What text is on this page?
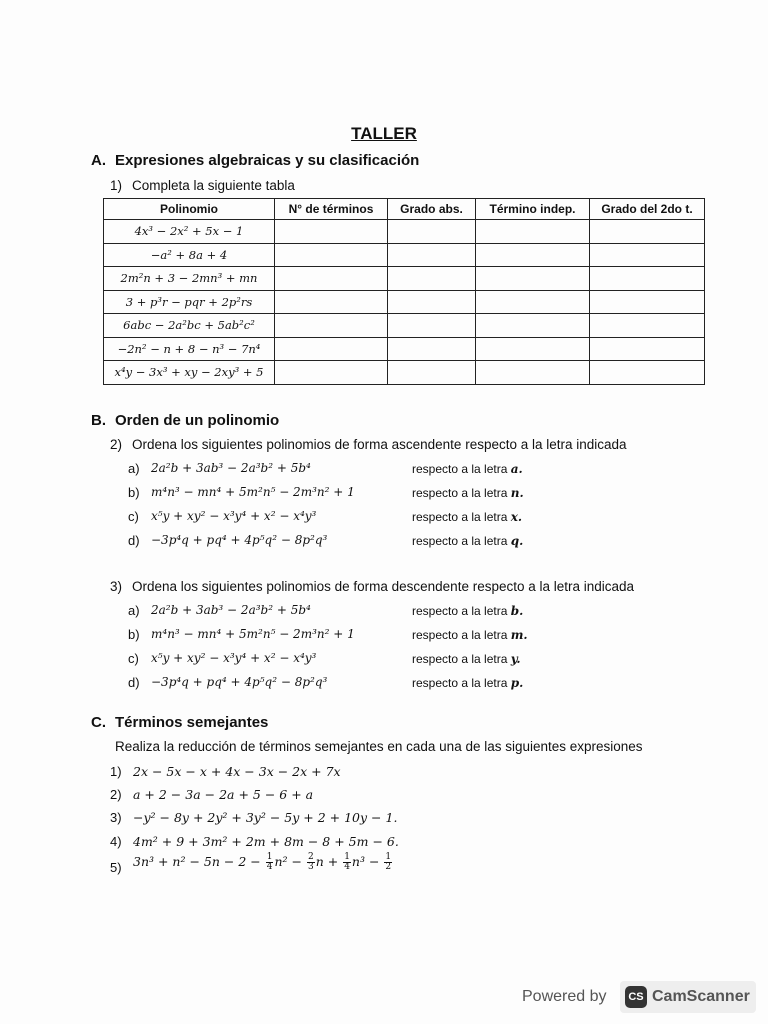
TALLER
A. Expresiones algebraicas y su clasificación
1) Completa la siguiente tabla
Polinomio	N° de términos	Grado abs.	Término indep.	Grado del 2do t.
4x³ − 2x² + 5x − 1				
−a² + 8a + 4				
2m²n + 3 − 2mn³ + mn				
3 + p³r − pqr + 2p²rs				
6abc − 2a²bc + 5ab²c²				
−2n² − n + 8 − n³ − 7n⁴				
x⁴y − 3x³ + xy − 2xy³ + 5				
B. Orden de un polinomio
2) Ordena los siguientes polinomios de forma ascendente respecto a la letra indicada
a) 2a²b + 3ab³ − 2a³b² + 5b⁴	respecto a la letra a.
b) m⁴n³ − mn⁴ + 5m²n⁵ − 2m³n² + 1	respecto a la letra n.
c) x⁵y + xy² − x³y⁴ + x² − x⁴y³	respecto a la letra x.
d) −3p⁴q + pq⁴ + 4p⁵q² − 8p²q³	respecto a la letra q.
3) Ordena los siguientes polinomios de forma descendente respecto a la letra indicada
a) 2a²b + 3ab³ − 2a³b² + 5b⁴	respecto a la letra b.
b) m⁴n³ − mn⁴ + 5m²n⁵ − 2m³n² + 1	respecto a la letra m.
c) x⁵y + xy² − x³y⁴ + x² − x⁴y³	respecto a la letra y.
d) −3p⁴q + pq⁴ + 4p⁵q² − 8p²q³	respecto a la letra p.
C. Términos semejantes
Realiza la reducción de términos semejantes en cada una de las siguientes expresiones
1) 2x − 5x − x + 4x − 3x − 2x + 7x
2) a + 2 − 3a − 2a + 5 − 6 + a
3) −y² − 8y + 2y² + 3y² − 5y + 2 + 10y − 1.
4) 4m² + 9 + 3m² + 2m + 8m − 8 + 5m − 6.
5) $3n^3 + n^2 - 5n - 2 - \frac{1}{4} n^2 - \frac{2}{3}$ $n + \frac{1}{4} n^3 - \frac{1}{2}$
Powered by	CS CamScanner
